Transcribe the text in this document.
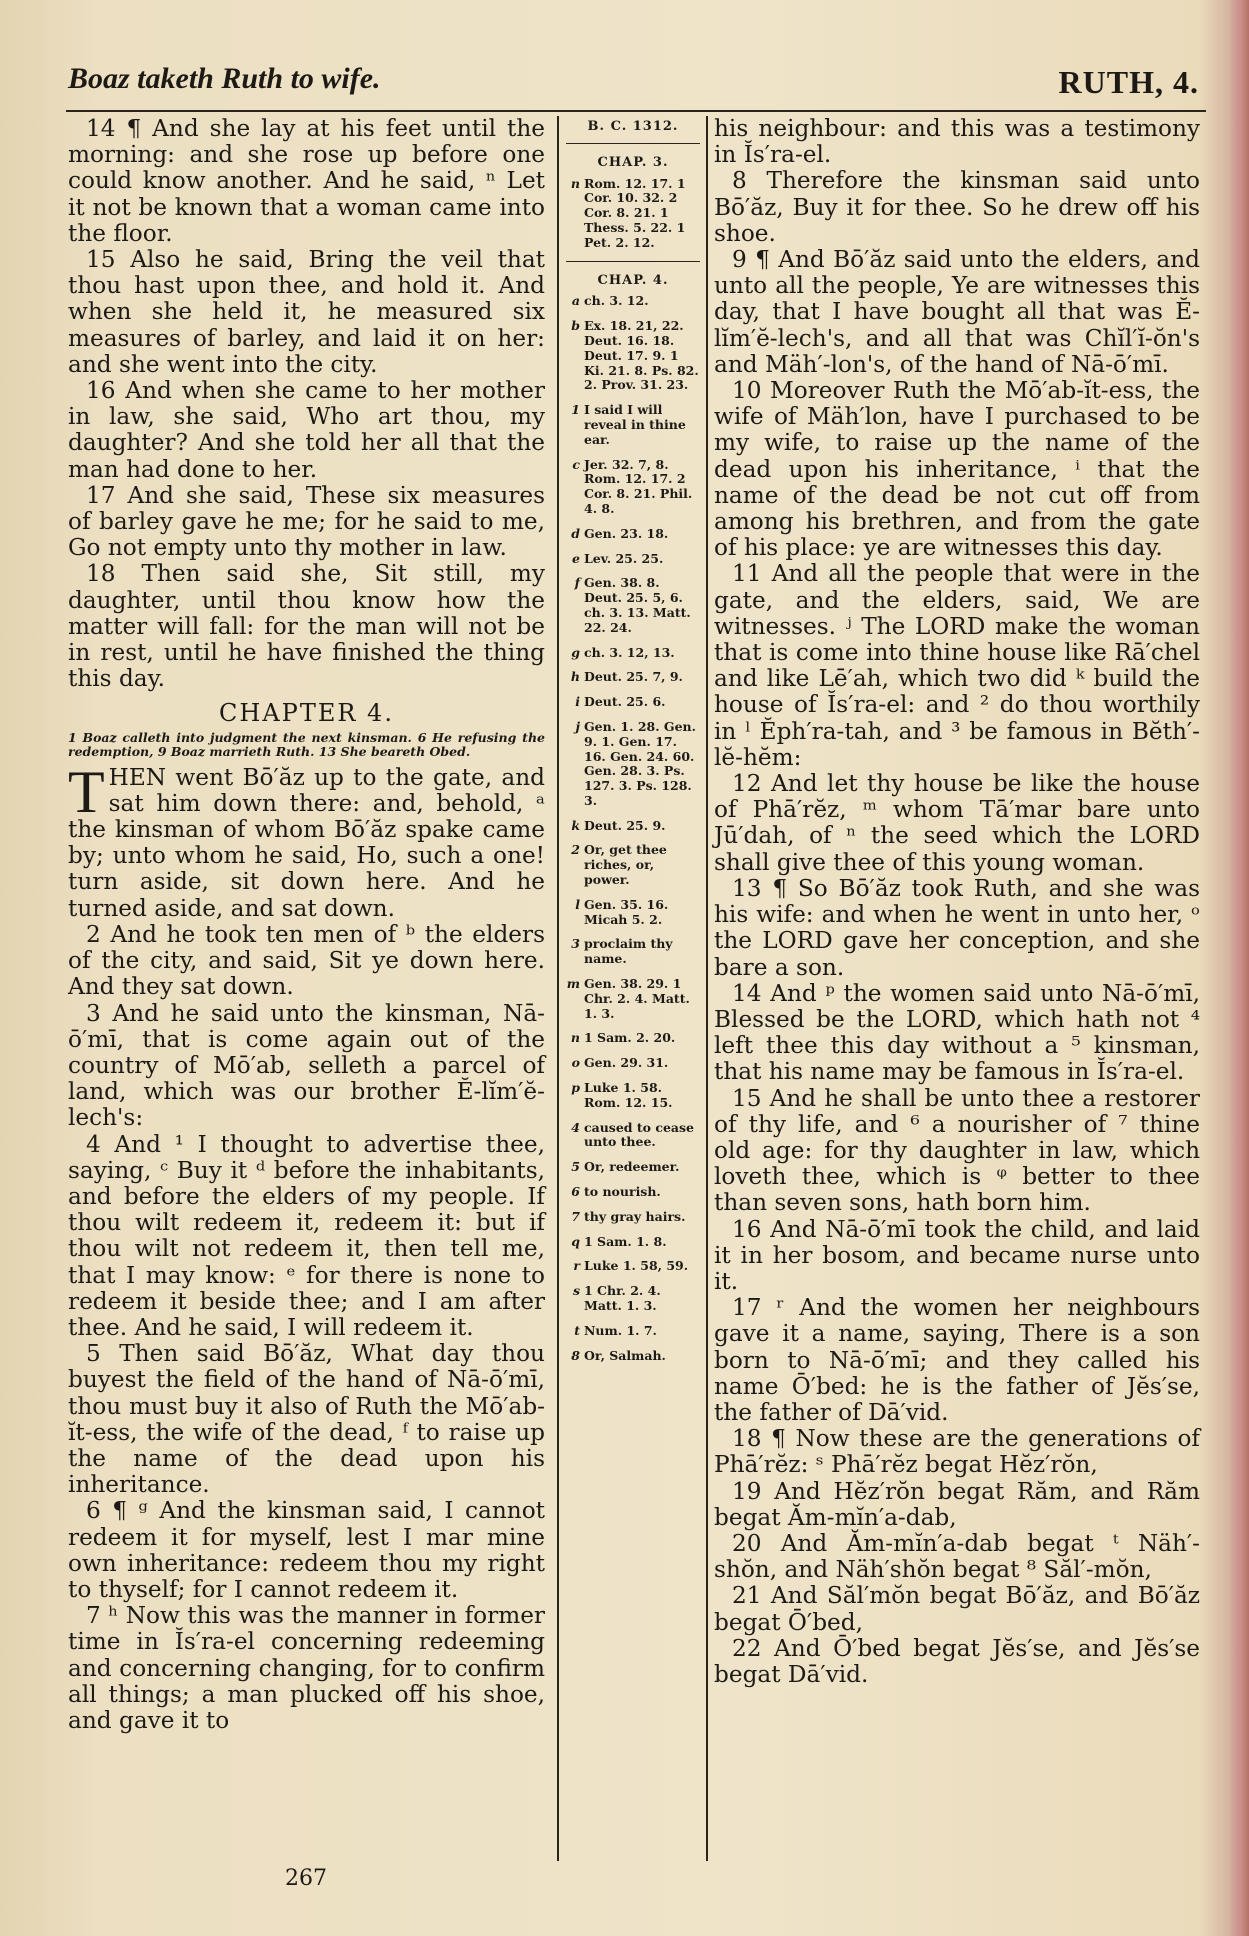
Boaz taketh Ruth to wife.	RUTH, 4.

14 ¶ And she lay at his feet until the morning: and she rose up before one could know another. And he said, ⁿ Let it not be known that a woman came into the floor.

15 Also he said, Bring the veil that thou hast upon thee, and hold it. And when she held it, he measured six measures of barley, and laid it on her: and she went into the city.

16 And when she came to her mother in law, she said, Who art thou, my daughter? And she told her all that the man had done to her.

17 And she said, These six measures of barley gave he me; for he said to me, Go not empty unto thy mother in law.

18 Then said she, Sit still, my daughter, until thou know how the matter will fall: for the man will not be in rest, until he have finished the thing this day.

CHAPTER 4.
1 Boaz calleth into judgment the next kinsman. 6 He refusing the redemption, 9 Boaz marrieth Ruth. 13 She beareth Obed.

THEN went Bō′ăz up to the gate, and sat him down there: and, behold, ᵃ the kinsman of whom Bō′ăz spake came by; unto whom he said, Ho, such a one! turn aside, sit down here. And he turned aside, and sat down.

2 And he took ten men of ᵇ the elders of the city, and said, Sit ye down here. And they sat down.

3 And he said unto the kinsman, Nā-ō′mī, that is come again out of the country of Mō′ab, selleth a parcel of land, which was our brother Ĕ-lĭm′ĕ-lech's:

4 And ¹ I thought to advertise thee, saying, ᶜ Buy it ᵈ before the inhabitants, and before the elders of my people. If thou wilt redeem it, redeem it: but if thou wilt not redeem it, then tell me, that I may know: ᵉ for there is none to redeem it beside thee; and I am after thee. And he said, I will redeem it.

5 Then said Bō′ăz, What day thou buyest the field of the hand of Nā-ō′mī, thou must buy it also of Ruth the Mō′ab-ĭt-ess, the wife of the dead, ᶠ to raise up the name of the dead upon his inheritance.

6 ¶ ᵍ And the kinsman said, I cannot redeem it for myself, lest I mar mine own inheritance: redeem thou my right to thyself; for I cannot redeem it.

7 ʰ Now this was the manner in former time in Ĭs′ra-el concerning redeeming and concerning changing, for to confirm all things; a man plucked off his shoe, and gave it to

B. C. 1312.
CHAP. 3.
n Rom. 12. 17. 1 Cor. 10. 32. 2 Cor. 8. 21. 1 Thess. 5. 22. 1 Pet. 2. 12.
CHAP. 4.
a ch. 3. 12.
b Ex. 18. 21, 22. Deut. 16. 18. Deut. 17. 9. 1 Ki. 21. 8. Ps. 82. 2. Prov. 31. 23.
1 I said I will reveal in thine ear.
c Jer. 32. 7, 8. Rom. 12. 17. 2 Cor. 8. 21. Phil. 4. 8.
d Gen. 23. 18.
e Lev. 25. 25.
f Gen. 38. 8. Deut. 25. 5, 6. ch. 3. 13. Matt. 22. 24.
g ch. 3. 12, 13.
h Deut. 25. 7, 9.
i Deut. 25. 6.
j Gen. 1. 28. Gen. 9. 1. Gen. 17. 16. Gen. 24. 60. Gen. 28. 3. Ps. 127. 3. Ps. 128. 3.
k Deut. 25. 9.
2 Or, get thee riches, or, power.
l Gen. 35. 16. Micah 5. 2.
3 proclaim thy name.
m Gen. 38. 29. 1 Chr. 2. 4. Matt. 1. 3.
n 1 Sam. 2. 20.
o Gen. 29. 31.
p Luke 1. 58. Rom. 12. 15.
4 caused to cease unto thee.
5 Or, redeemer.
6 to nourish.
7 thy gray hairs.
q 1 Sam. 1. 8.
r Luke 1. 58, 59.
s 1 Chr. 2. 4. Matt. 1. 3.
t Num. 1. 7.
8 Or, Salmah.

his neighbour: and this was a testimony in Ĭs′ra-el.

8 Therefore the kinsman said unto Bō′ăz, Buy it for thee. So he drew off his shoe.

9 ¶ And Bō′ăz said unto the elders, and unto all the people, Ye are witnesses this day, that I have bought all that was Ĕ-lĭm′ĕ-lech's, and all that was Chĭl′ĭ-ŏn's and Mäh′-lon's, of the hand of Nā-ō′mī.

10 Moreover Ruth the Mō′ab-ĭt-ess, the wife of Mäh′lon, have I purchased to be my wife, to raise up the name of the dead upon his inheritance, ⁱ that the name of the dead be not cut off from among his brethren, and from the gate of his place: ye are witnesses this day.

11 And all the people that were in the gate, and the elders, said, We are witnesses. ʲ The LORD make the woman that is come into thine house like Rā′chel and like Lē′ah, which two did ᵏ build the house of Ĭs′ra-el: and ² do thou worthily in ˡ Ĕph′ra-tah, and ³ be famous in Bĕth′-lĕ-hĕm:

12 And let thy house be like the house of Phā′rĕz, ᵐ whom Tā′mar bare unto Jū′dah, of ⁿ the seed which the LORD shall give thee of this young woman.

13 ¶ So Bō′ăz took Ruth, and she was his wife: and when he went in unto her, ᵒ the LORD gave her conception, and she bare a son.

14 And ᵖ the women said unto Nā-ō′mī, Blessed be the LORD, which hath not ⁴ left thee this day without a ⁵ kinsman, that his name may be famous in Ĭs′ra-el.

15 And he shall be unto thee a restorer of thy life, and ⁶ a nourisher of ⁷ thine old age: for thy daughter in law, which loveth thee, which is ᵠ better to thee than seven sons, hath born him.

16 And Nā-ō′mī took the child, and laid it in her bosom, and became nurse unto it.

17 ʳ And the women her neighbours gave it a name, saying, There is a son born to Nā-ō′mī; and they called his name Ō′bed: he is the father of Jĕs′se, the father of Dā′vid.

18 ¶ Now these are the generations of Phā′rĕz: ˢ Phā′rĕz begat Hĕz′rŏn,

19 And Hĕz′rŏn begat Răm, and Răm begat Ăm-mĭn′a-dab,

20 And Ăm-mĭn′a-dab begat ᵗ Näh′-shŏn, and Näh′shŏn begat ⁸ Săl′-mŏn,

21 And Săl′mŏn begat Bō′ăz, and Bō′ăz begat Ō′bed,

22 And Ō′bed begat Jĕs′se, and Jĕs′se begat Dā′vid.

267
